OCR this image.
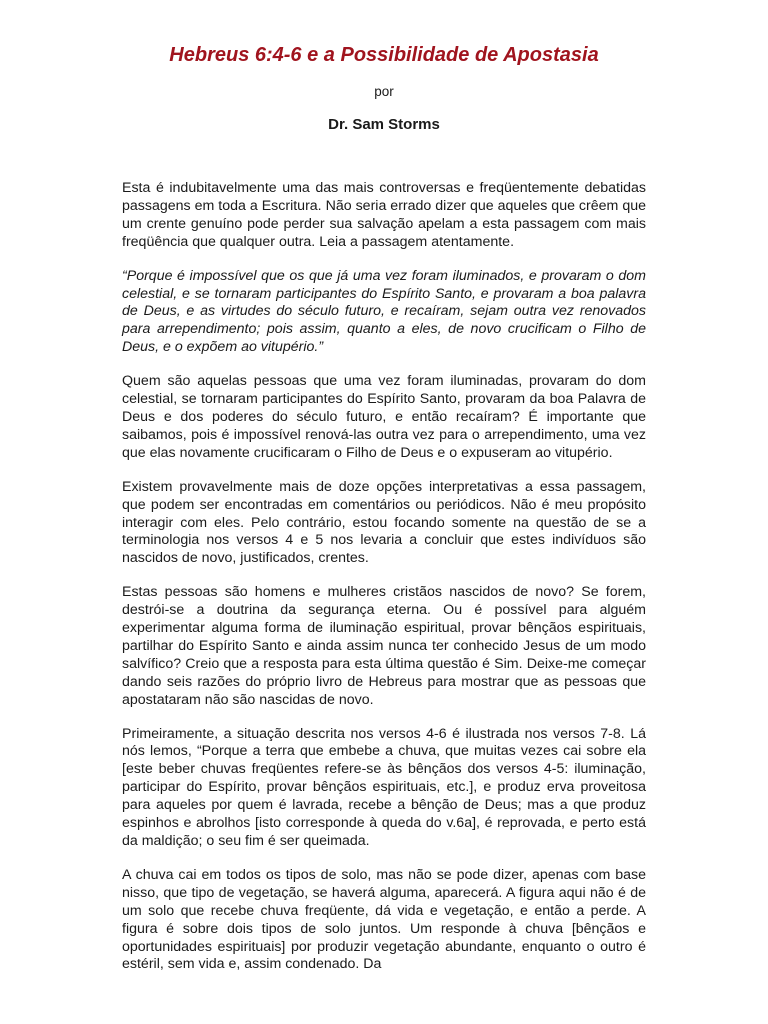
Hebreus 6:4-6 e a Possibilidade de Apostasia
por
Dr. Sam Storms

Esta é indubitavelmente uma das mais controversas e freqüentemente debatidas passagens em toda a Escritura. Não seria errado dizer que aqueles que crêem que um crente genuíno pode perder sua salvação apelam a esta passagem com mais freqüência que qualquer outra. Leia a passagem atentamente.

“Porque é impossível que os que já uma vez foram iluminados, e provaram o dom celestial, e se tornaram participantes do Espírito Santo, e provaram a boa palavra de Deus, e as virtudes do século futuro, e recaíram, sejam outra vez renovados para arrependimento; pois assim, quanto a eles, de novo crucificam o Filho de Deus, e o expõem ao vitupério.”

Quem são aquelas pessoas que uma vez foram iluminadas, provaram do dom celestial, se tornaram participantes do Espírito Santo, provaram da boa Palavra de Deus e dos poderes do século futuro, e então recaíram? É importante que saibamos, pois é impossível renová-las outra vez para o arrependimento, uma vez que elas novamente crucificaram o Filho de Deus e o expuseram ao vitupério.

Existem provavelmente mais de doze opções interpretativas a essa passagem, que podem ser encontradas em comentários ou periódicos. Não é meu propósito interagir com eles. Pelo contrário, estou focando somente na questão de se a terminologia nos versos 4 e 5 nos levaria a concluir que estes indivíduos são nascidos de novo, justificados, crentes.

Estas pessoas são homens e mulheres cristãos nascidos de novo? Se forem, destrói-se a doutrina da segurança eterna. Ou é possível para alguém experimentar alguma forma de iluminação espiritual, provar bênçãos espirituais, partilhar do Espírito Santo e ainda assim nunca ter conhecido Jesus de um modo salvífico? Creio que a resposta para esta última questão é Sim. Deixe-me começar dando seis razões do próprio livro de Hebreus para mostrar que as pessoas que apostataram não são nascidas de novo.

Primeiramente, a situação descrita nos versos 4-6 é ilustrada nos versos 7-8. Lá nós lemos, “Porque a terra que embebe a chuva, que muitas vezes cai sobre ela [este beber chuvas freqüentes refere-se às bênçãos dos versos 4-5: iluminação, participar do Espírito, provar bênçãos espirituais, etc.], e produz erva proveitosa para aqueles por quem é lavrada, recebe a bênção de Deus; mas a que produz espinhos e abrolhos [isto corresponde à queda do v.6a], é reprovada, e perto está da maldição; o seu fim é ser queimada.

A chuva cai em todos os tipos de solo, mas não se pode dizer, apenas com base nisso, que tipo de vegetação, se haverá alguma, aparecerá. A figura aqui não é de um solo que recebe chuva freqüente, dá vida e vegetação, e então a perde. A figura é sobre dois tipos de solo juntos. Um responde à chuva [bênçãos e oportunidades espirituais] por produzir vegetação abundante, enquanto o outro é estéril, sem vida e, assim condenado. Da
